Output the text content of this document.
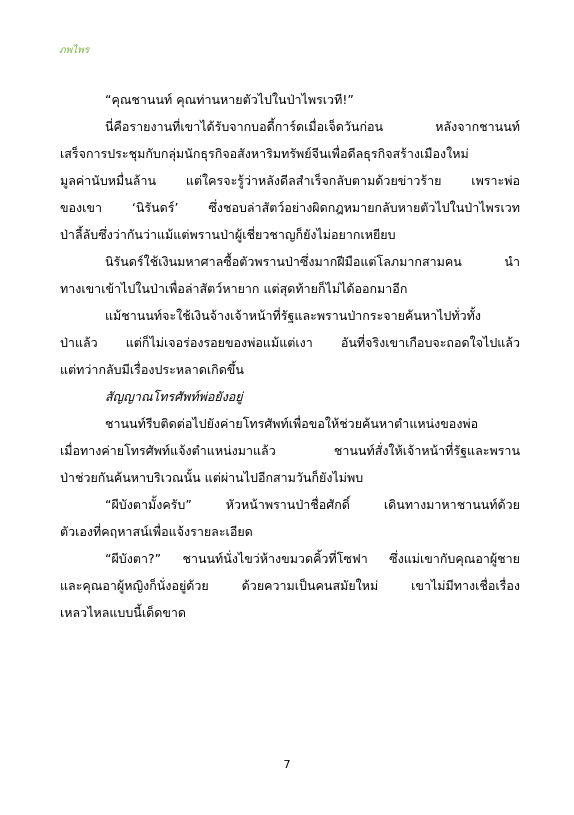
ภพไพร

“คุณชานนท์ คุณท่านหายตัวไปในป่าไพรเวที!”

นี่คือรายงานที่เขาได้รับจากบอดี้การ์ดเมื่อเจ็ดวันก่อน หลังจากชานนท์
เสร็จการประชุมกับกลุ่มนักธุรกิจอสังหาริมทรัพย์จีนเพื่อดีลธุรกิจสร้างเมืองใหม่
มูลค่านับหมื่นล้าน แต่ใครจะรู้ว่าหลังดีลสำเร็จกลับตามด้วยข่าวร้าย เพราะพ่อ
ของเขา ‘นิรันดร์’ ซึ่งชอบล่าสัตว์อย่างผิดกฎหมายกลับหายตัวไปในป่าไพรเวท
ป่าลี้ลับซึ่งว่ากันว่าแม้แต่พรานป่าผู้เชี่ยวชาญก็ยังไม่อยากเหยียบ

นิรันดร์ใช้เงินมหาศาลซื้อตัวพรานป่าซึ่งมากฝีมือแต่โลภมากสามคน นำ
ทางเขาเข้าไปในป่าเพื่อล่าสัตว์หายาก แต่สุดท้ายก็ไม่ได้ออกมาอีก

แม้ชานนท์จะใช้เงินจ้างเจ้าหน้าที่รัฐและพรานป่ากระจายค้นหาไปทั่วทั้ง
ป่าแล้ว แต่ก็ไม่เจอร่องรอยของพ่อแม้แต่เงา อันที่จริงเขาเกือบจะถอดใจไปแล้ว
แต่ทว่ากลับมีเรื่องประหลาดเกิดขึ้น

สัญญาณโทรศัพท์พ่อยังอยู่

ชานนท์รีบติดต่อไปยังค่ายโทรศัพท์เพื่อขอให้ช่วยค้นหาตำแหน่งของพ่อ
เมื่อทางค่ายโทรศัพท์แจ้งตำแหน่งมาแล้ว ชานนท์สั่งให้เจ้าหน้าที่รัฐและพราน
ป่าช่วยกันค้นหาบริเวณนั้น แต่ผ่านไปอีกสามวันก็ยังไม่พบ

“ผีบังตามั้งครับ” หัวหน้าพรานป่าชื่อศักดิ์ เดินทางมาหาชานนท์ด้วย
ตัวเองที่คฤหาสน์เพื่อแจ้งรายละเอียด

“ผีบังตา?” ชานนท์นั่งไขว่ห้างขมวดคิ้วที่โซฟา ซึ่งแม่เขากับคุณอาผู้ชาย
และคุณอาผู้หญิงก็นั่งอยู่ด้วย ด้วยความเป็นคนสมัยใหม่ เขาไม่มีทางเชื่อเรื่อง
เหลวไหลแบบนี้เด็ดขาด

7
